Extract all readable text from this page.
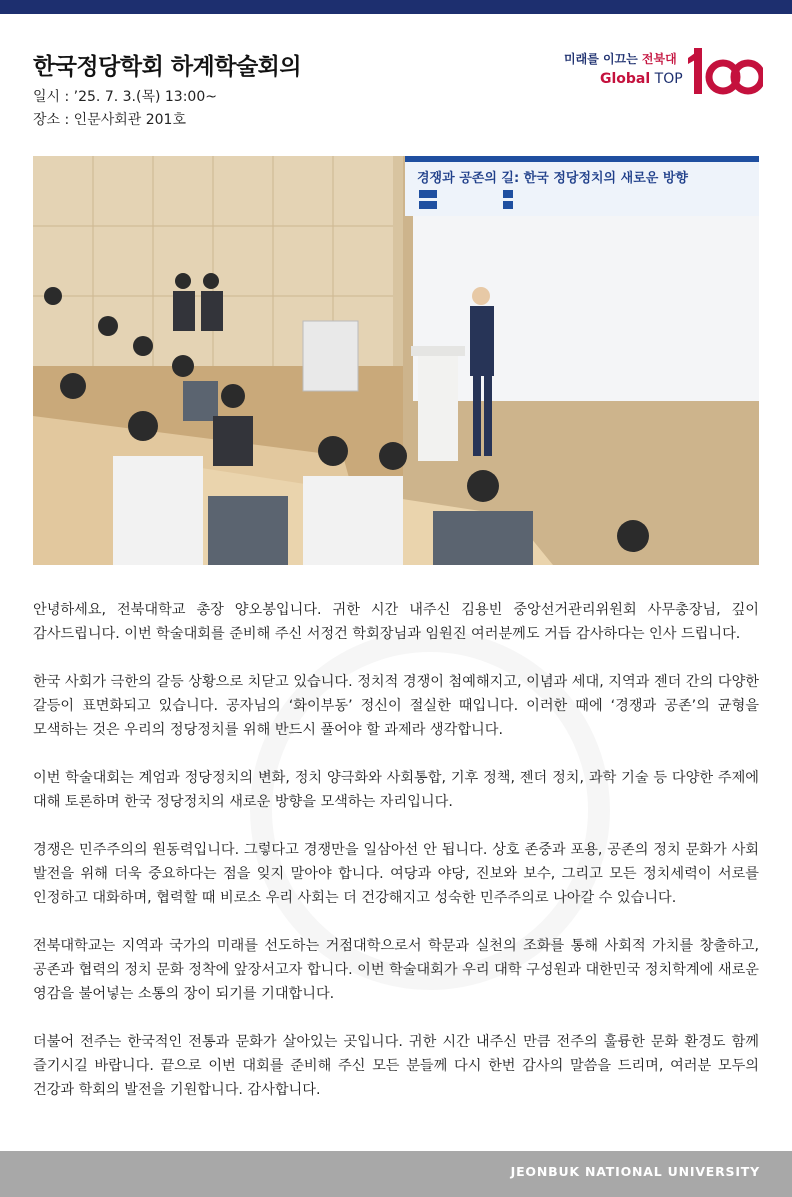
한국정당학회 하계학술회의
일시 : ’25. 7. 3.(목) 13:00~
장소 : 인문사회관 201호
미래를 이끄는 전북대
Global TOP
경쟁과 공존의 길: 한국 정당정치의 새로운 방향

안녕하세요, 전북대학교 총장 양오봉입니다. 귀한 시간 내주신 김용빈 중앙선거관리위원회 사무총장님, 깊이 감사드립니다. 이번 학술대회를 준비해 주신 서정건 학회장님과 임원진 여러분께도 거듭 감사하다는 인사 드립니다.

한국 사회가 극한의 갈등 상황으로 치닫고 있습니다. 정치적 경쟁이 첨예해지고, 이념과 세대, 지역과 젠더 간의 다양한 갈등이 표면화되고 있습니다. 공자님의 ‘화이부동’ 정신이 절실한 때입니다. 이러한 때에 ‘경쟁과 공존’의 균형을 모색하는 것은 우리의 정당정치를 위해 반드시 풀어야 할 과제라 생각합니다.

이번 학술대회는 계엄과 정당정치의 변화, 정치 양극화와 사회통합, 기후 정책, 젠더 정치, 과학 기술 등 다양한 주제에 대해 토론하며 한국 정당정치의 새로운 방향을 모색하는 자리입니다.

경쟁은 민주주의의 원동력입니다. 그렇다고 경쟁만을 일삼아선 안 됩니다. 상호 존중과 포용, 공존의 정치 문화가 사회 발전을 위해 더욱 중요하다는 점을 잊지 말아야 합니다. 여당과 야당, 진보와 보수, 그리고 모든 정치세력이 서로를 인정하고 대화하며, 협력할 때 비로소 우리 사회는 더 건강해지고 성숙한 민주주의로 나아갈 수 있습니다.

전북대학교는 지역과 국가의 미래를 선도하는 거점대학으로서 학문과 실천의 조화를 통해 사회적 가치를 창출하고, 공존과 협력의 정치 문화 정착에 앞장서고자 합니다. 이번 학술대회가 우리 대학 구성원과 대한민국 정치학계에 새로운 영감을 불어넣는 소통의 장이 되기를 기대합니다.

더불어 전주는 한국적인 전통과 문화가 살아있는 곳입니다. 귀한 시간 내주신 만큼 전주의 훌륭한 문화 환경도 함께 즐기시길 바랍니다. 끝으로 이번 대회를 준비해 주신 모든 분들께 다시 한번 감사의 말씀을 드리며, 여러분 모두의 건강과 학회의 발전을 기원합니다. 감사합니다.

JEONBUK NATIONAL UNIVERSITY
